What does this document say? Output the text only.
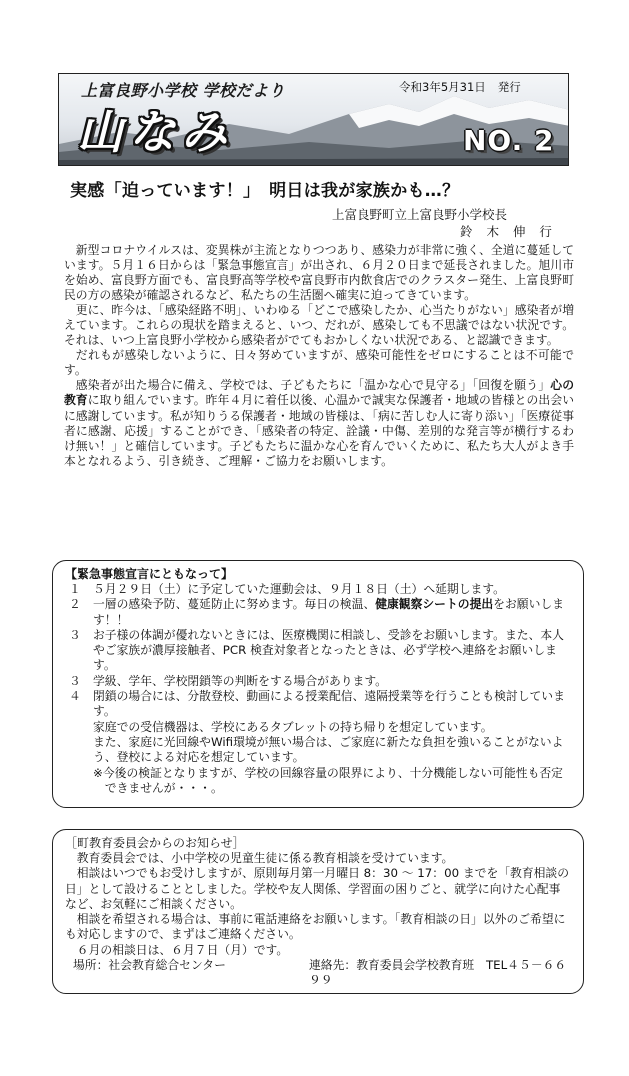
上富良野小学校 学校だより	令和3年5月31日 発行
山なみ	NO. 2
実感「迫っています！」　明日は我が家族かも…？
上富良野町立上富良野小学校長
鈴 木 伸 行

新型コロナウイルスは、変異株が主流となりつつあり、感染力が非常に強く、全道に蔓延しています。５月１６日からは「緊急事態宣言」が出され、６月２０日まで延長されました。旭川市を始め、富良野方面でも、富良野高等学校や富良野市内飲食店でのクラスター発生、上富良野町民の方の感染が確認されるなど、私たちの生活圏へ確実に迫ってきています。

更に、昨今は、「感染経路不明」、いわゆる「どこで感染したか、心当たりがない」感染者が増えています。これらの現状を踏まえると、いつ、だれが、感染しても不思議ではない状況です。それは、いつ上富良野小学校から感染者がでてもおかしくない状況である、と認識できます。

だれもが感染しないように、日々努めていますが、感染可能性をゼロにすることは不可能です。

感染者が出た場合に備え、学校では、子どもたちに「温かな心で見守る」「回復を願う」心の教育に取り組んでいます。昨年４月に着任以後、心温かで誠実な保護者・地域の皆様との出会いに感謝しています。私が知りうる保護者・地域の皆様は、「病に苦しむ人に寄り添い」「医療従事者に感謝、応援」することができ、「感染者の特定、詮議・中傷、差別的な発言等が横行するわけ無い！」と確信しています。子どもたちに温かな心を育んでいくために、私たち大人がよき手本となれるよう、引き続き、ご理解・ご協力をお願いします。

【緊急事態宣言にともなって】
１	５月２９日（土）に予定していた運動会は、９月１８日（土）へ延期します。
２	一層の感染予防、蔓延防止に努めます。毎日の検温、健康観察シートの提出をお願いします！！
３	お子様の体調が優れないときには、医療機関に相談し、受診をお願いします。また、本人やご家族が濃厚接触者、PCR 検査対象者となったときは、必ず学校へ連絡をお願いします。
３	学級、学年、学校閉鎖等の判断をする場合があります。
４	閉鎖の場合には、分散登校、動画による授業配信、遠隔授業等を行うことも検討しています。
家庭での受信機器は、学校にあるタブレットの持ち帰りを想定しています。
また、家庭に光回線やWifi環境が無い場合は、ご家庭に新たな負担を強いることがないよう、登校による対応を想定しています。
※今後の検証となりますが、学校の回線容量の限界により、十分機能しない可能性も否定できませんが・・・。
［町教育委員会からのお知らせ］

教育委員会では、小中学校の児童生徒に係る教育相談を受けています。

相談はいつでもお受けしますが、原則毎月第一月曜日 8：30 ～ 17：00 までを「教育相談の日」として設けることとしました。学校や友人関係、学習面の困りごと、就学に向けた心配事など、お気軽にご相談ください。

相談を希望される場合は、事前に電話連絡をお願いします。「教育相談の日」以外のご希望にも対応しますので、まずはご連絡ください。

６月の相談日は、６月７日（月）です。

場所：社会教育総合センター	連絡先：教育委員会学校教育班　TEL４５－６６９９
